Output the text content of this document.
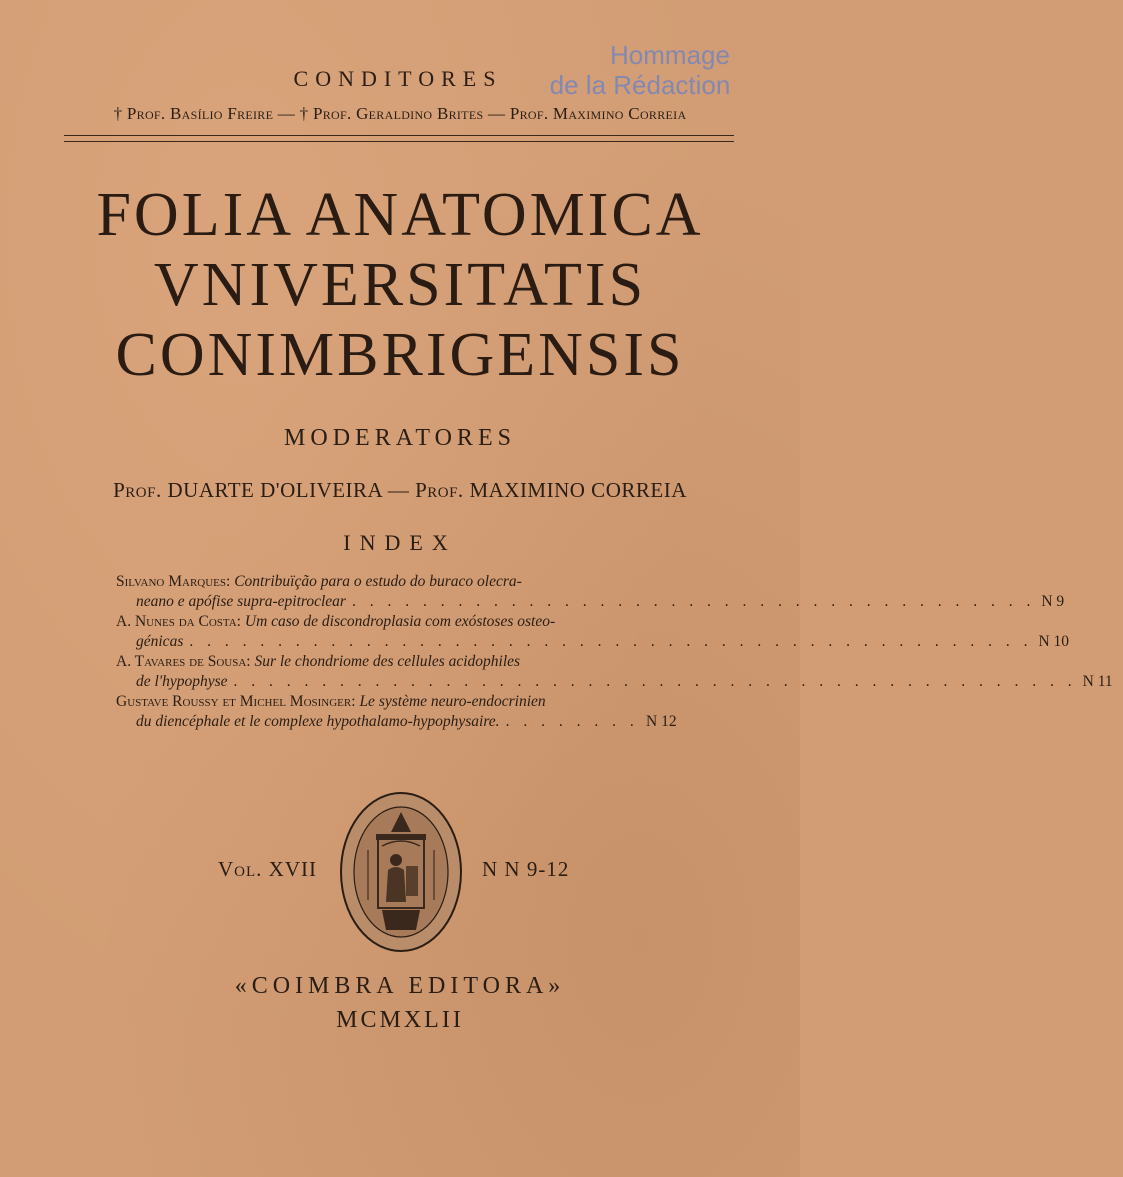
Hommage
de la Rédaction
CONDITORES
† Prof. Basílio Freire — † Prof. Geraldino Brites — Prof. Maximino Correia
FOLIA ANATOMICA
VNIVERSITATIS
CONIMBRIGENSIS
MODERATORES
Prof. DUARTE D'OLIVEIRA — Prof. MAXIMINO CORREIA
INDEX
Silvano Marques:
Contribuïção para o estudo do buraco olecra-
neano e apófise supra-epitroclear . . . . . . . . . . . . . . . . . . . . . . . . . . . . . . . . . . . . . . . N 9
A. Nunes da Costa:
Um caso de discondroplasia com exóstoses osteo-
génicas . . . . . . . . . . . . . . . . . . . . . . . . . . . . . . . . . . . . . . . . . . . . . . . . N 10
A. Tavares de Sousa:
Sur le chondriome des cellules acidophiles
de l'hypophyse . . . . . . . . . . . . . . . . . . . . . . . . . . . . . . . . . . . . . . . . . . . . . . . . N 11
Gustave Roussy et Michel Mosinger:
Le système neuro-endocrinien
du diencéphale et le complexe hypothalamo-hypophysaire. . . . . . . . . N 12
Vol. XVII	N N 9-12
«COIMBRA EDITORA»
MCMXLII
